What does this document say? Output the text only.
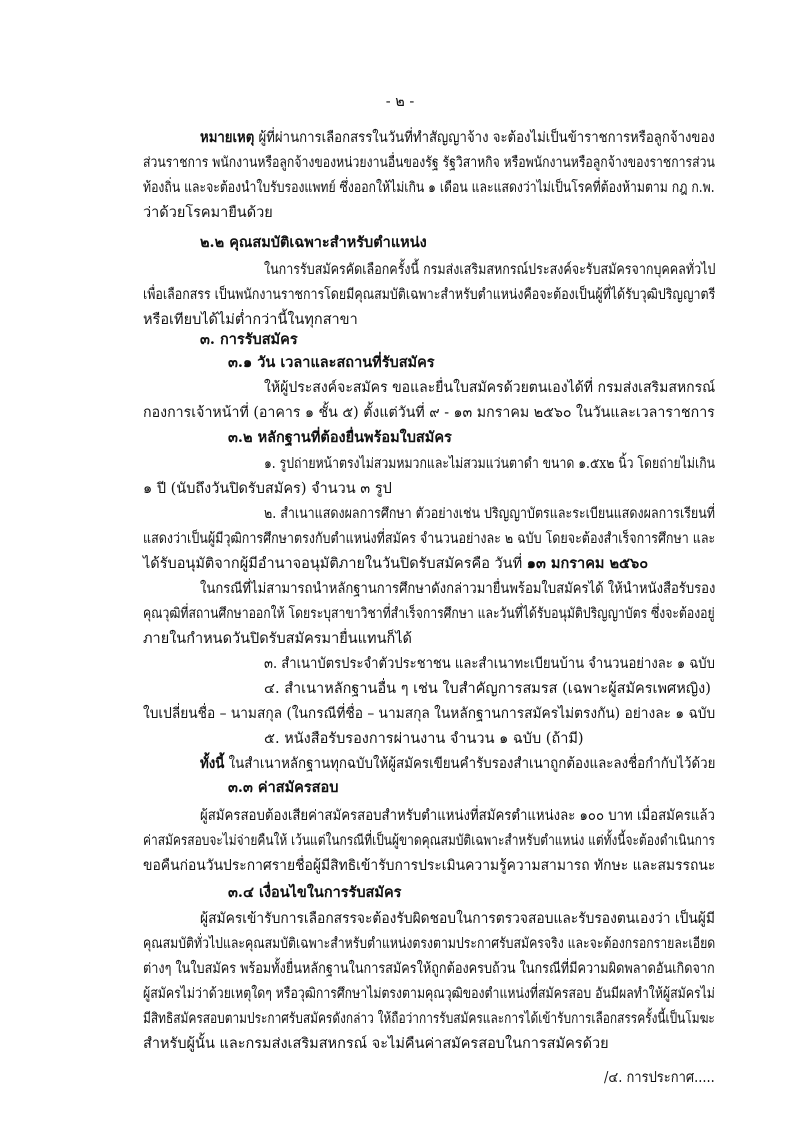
- ๒ -
หมายเหตุ ผู้ที่ผ่านการเลือกสรรในวันที่ทำสัญญาจ้าง จะต้องไม่เป็นข้าราชการหรือลูกจ้างของ
ส่วนราชการ พนักงานหรือลูกจ้างของหน่วยงานอื่นของรัฐ รัฐวิสาหกิจ หรือพนักงานหรือลูกจ้างของราชการส่วน
ท้องถิ่น และจะต้องนำใบรับรองแพทย์ ซึ่งออกให้ไม่เกิน ๑ เดือน และแสดงว่าไม่เป็นโรคที่ต้องห้ามตาม กฎ ก.พ.
ว่าด้วยโรคมายืนด้วย
๒.๒ คุณสมบัติเฉพาะสำหรับตำแหน่ง
ในการรับสมัครคัดเลือกครั้งนี้ กรมส่งเสริมสหกรณ์ประสงค์จะรับสมัครจากบุคคลทั่วไป
เพื่อเลือกสรร เป็นพนักงานราชการโดยมีคุณสมบัติเฉพาะสำหรับตำแหน่งคือจะต้องเป็นผู้ที่ได้รับวุฒิปริญญาตรี
หรือเทียบได้ไม่ต่ำกว่านี้ในทุกสาขา
๓. การรับสมัคร
๓.๑ วัน เวลาและสถานที่รับสมัคร
ให้ผู้ประสงค์จะสมัคร ขอและยื่นใบสมัครด้วยตนเองได้ที่ กรมส่งเสริมสหกรณ์
กองการเจ้าหน้าที่ (อาคาร ๑ ชั้น ๕) ตั้งแต่วันที่ ๙ - ๑๓ มกราคม ๒๕๖๐ ในวันและเวลาราชการ
๓.๒ หลักฐานที่ต้องยื่นพร้อมใบสมัคร
๑. รูปถ่ายหน้าตรงไม่สวมหมวกและไม่สวมแว่นตาดำ ขนาด ๑.๕x๒ นิ้ว โดยถ่ายไม่เกิน
๑ ปี (นับถึงวันปิดรับสมัคร) จำนวน ๓ รูป
๒. สำเนาแสดงผลการศึกษา ตัวอย่างเช่น ปริญญาบัตรและระเบียนแสดงผลการเรียนที่
แสดงว่าเป็นผู้มีวุฒิการศึกษาตรงกับตำแหน่งที่สมัคร จำนวนอย่างละ ๒ ฉบับ โดยจะต้องสำเร็จการศึกษา และ
ได้รับอนุมัติจากผู้มีอำนาจอนุมัติภายในวันปิดรับสมัครคือ วันที่ ๑๓ มกราคม ๒๕๖๐
ในกรณีที่ไม่สามารถนำหลักฐานการศึกษาดังกล่าวมายื่นพร้อมใบสมัครได้ ให้นำหนังสือรับรอง
คุณวุฒิที่สถานศึกษาออกให้ โดยระบุสาขาวิชาที่สำเร็จการศึกษา และวันที่ได้รับอนุมัติปริญญาบัตร ซึ่งจะต้องอยู่
ภายในกำหนดวันปิดรับสมัครมายื่นแทนก็ได้
๓. สำเนาบัตรประจำตัวประชาชน และสำเนาทะเบียนบ้าน จำนวนอย่างละ ๑ ฉบับ
๔. สำเนาหลักฐานอื่น ๆ เช่น ใบสำคัญการสมรส (เฉพาะผู้สมัครเพศหญิง)
ใบเปลี่ยนชื่อ – นามสกุล (ในกรณีที่ชื่อ – นามสกุล ในหลักฐานการสมัครไม่ตรงกัน) อย่างละ ๑ ฉบับ
๕. หนังสือรับรองการผ่านงาน จำนวน ๑ ฉบับ (ถ้ามี)
ทั้งนี้ ในสำเนาหลักฐานทุกฉบับให้ผู้สมัครเขียนคำรับรองสำเนาถูกต้องและลงชื่อกำกับไว้ด้วย
๓.๓ ค่าสมัครสอบ
ผู้สมัครสอบต้องเสียค่าสมัครสอบสำหรับตำแหน่งที่สมัครตำแหน่งละ ๑๐๐ บาท เมื่อสมัครแล้ว
ค่าสมัครสอบจะไม่จ่ายคืนให้ เว้นแต่ในกรณีที่เป็นผู้ขาดคุณสมบัติเฉพาะสำหรับตำแหน่ง แต่ทั้งนี้จะต้องดำเนินการ
ขอคืนก่อนวันประกาศรายชื่อผู้มีสิทธิเข้ารับการประเมินความรู้ความสามารถ ทักษะ และสมรรถนะ
๓.๔ เงื่อนไขในการรับสมัคร
ผู้สมัครเข้ารับการเลือกสรรจะต้องรับผิดชอบในการตรวจสอบและรับรองตนเองว่า เป็นผู้มี
คุณสมบัติทั่วไปและคุณสมบัติเฉพาะสำหรับตำแหน่งตรงตามประกาศรับสมัครจริง และจะต้องกรอกรายละเอียด
ต่างๆ ในใบสมัคร พร้อมทั้งยื่นหลักฐานในการสมัครให้ถูกต้องครบถ้วน ในกรณีที่มีความผิดพลาดอันเกิดจาก
ผู้สมัครไม่ว่าด้วยเหตุใดๆ หรือวุฒิการศึกษาไม่ตรงตามคุณวุฒิของตำแหน่งที่สมัครสอบ อันมีผลทำให้ผู้สมัครไม่
มีสิทธิสมัครสอบตามประกาศรับสมัครดังกล่าว ให้ถือว่าการรับสมัครและการได้เข้ารับการเลือกสรรครั้งนี้เป็นโมฆะ
สำหรับผู้นั้น และกรมส่งเสริมสหกรณ์ จะไม่คืนค่าสมัครสอบในการสมัครด้วย
/๔. การประกาศ.....
